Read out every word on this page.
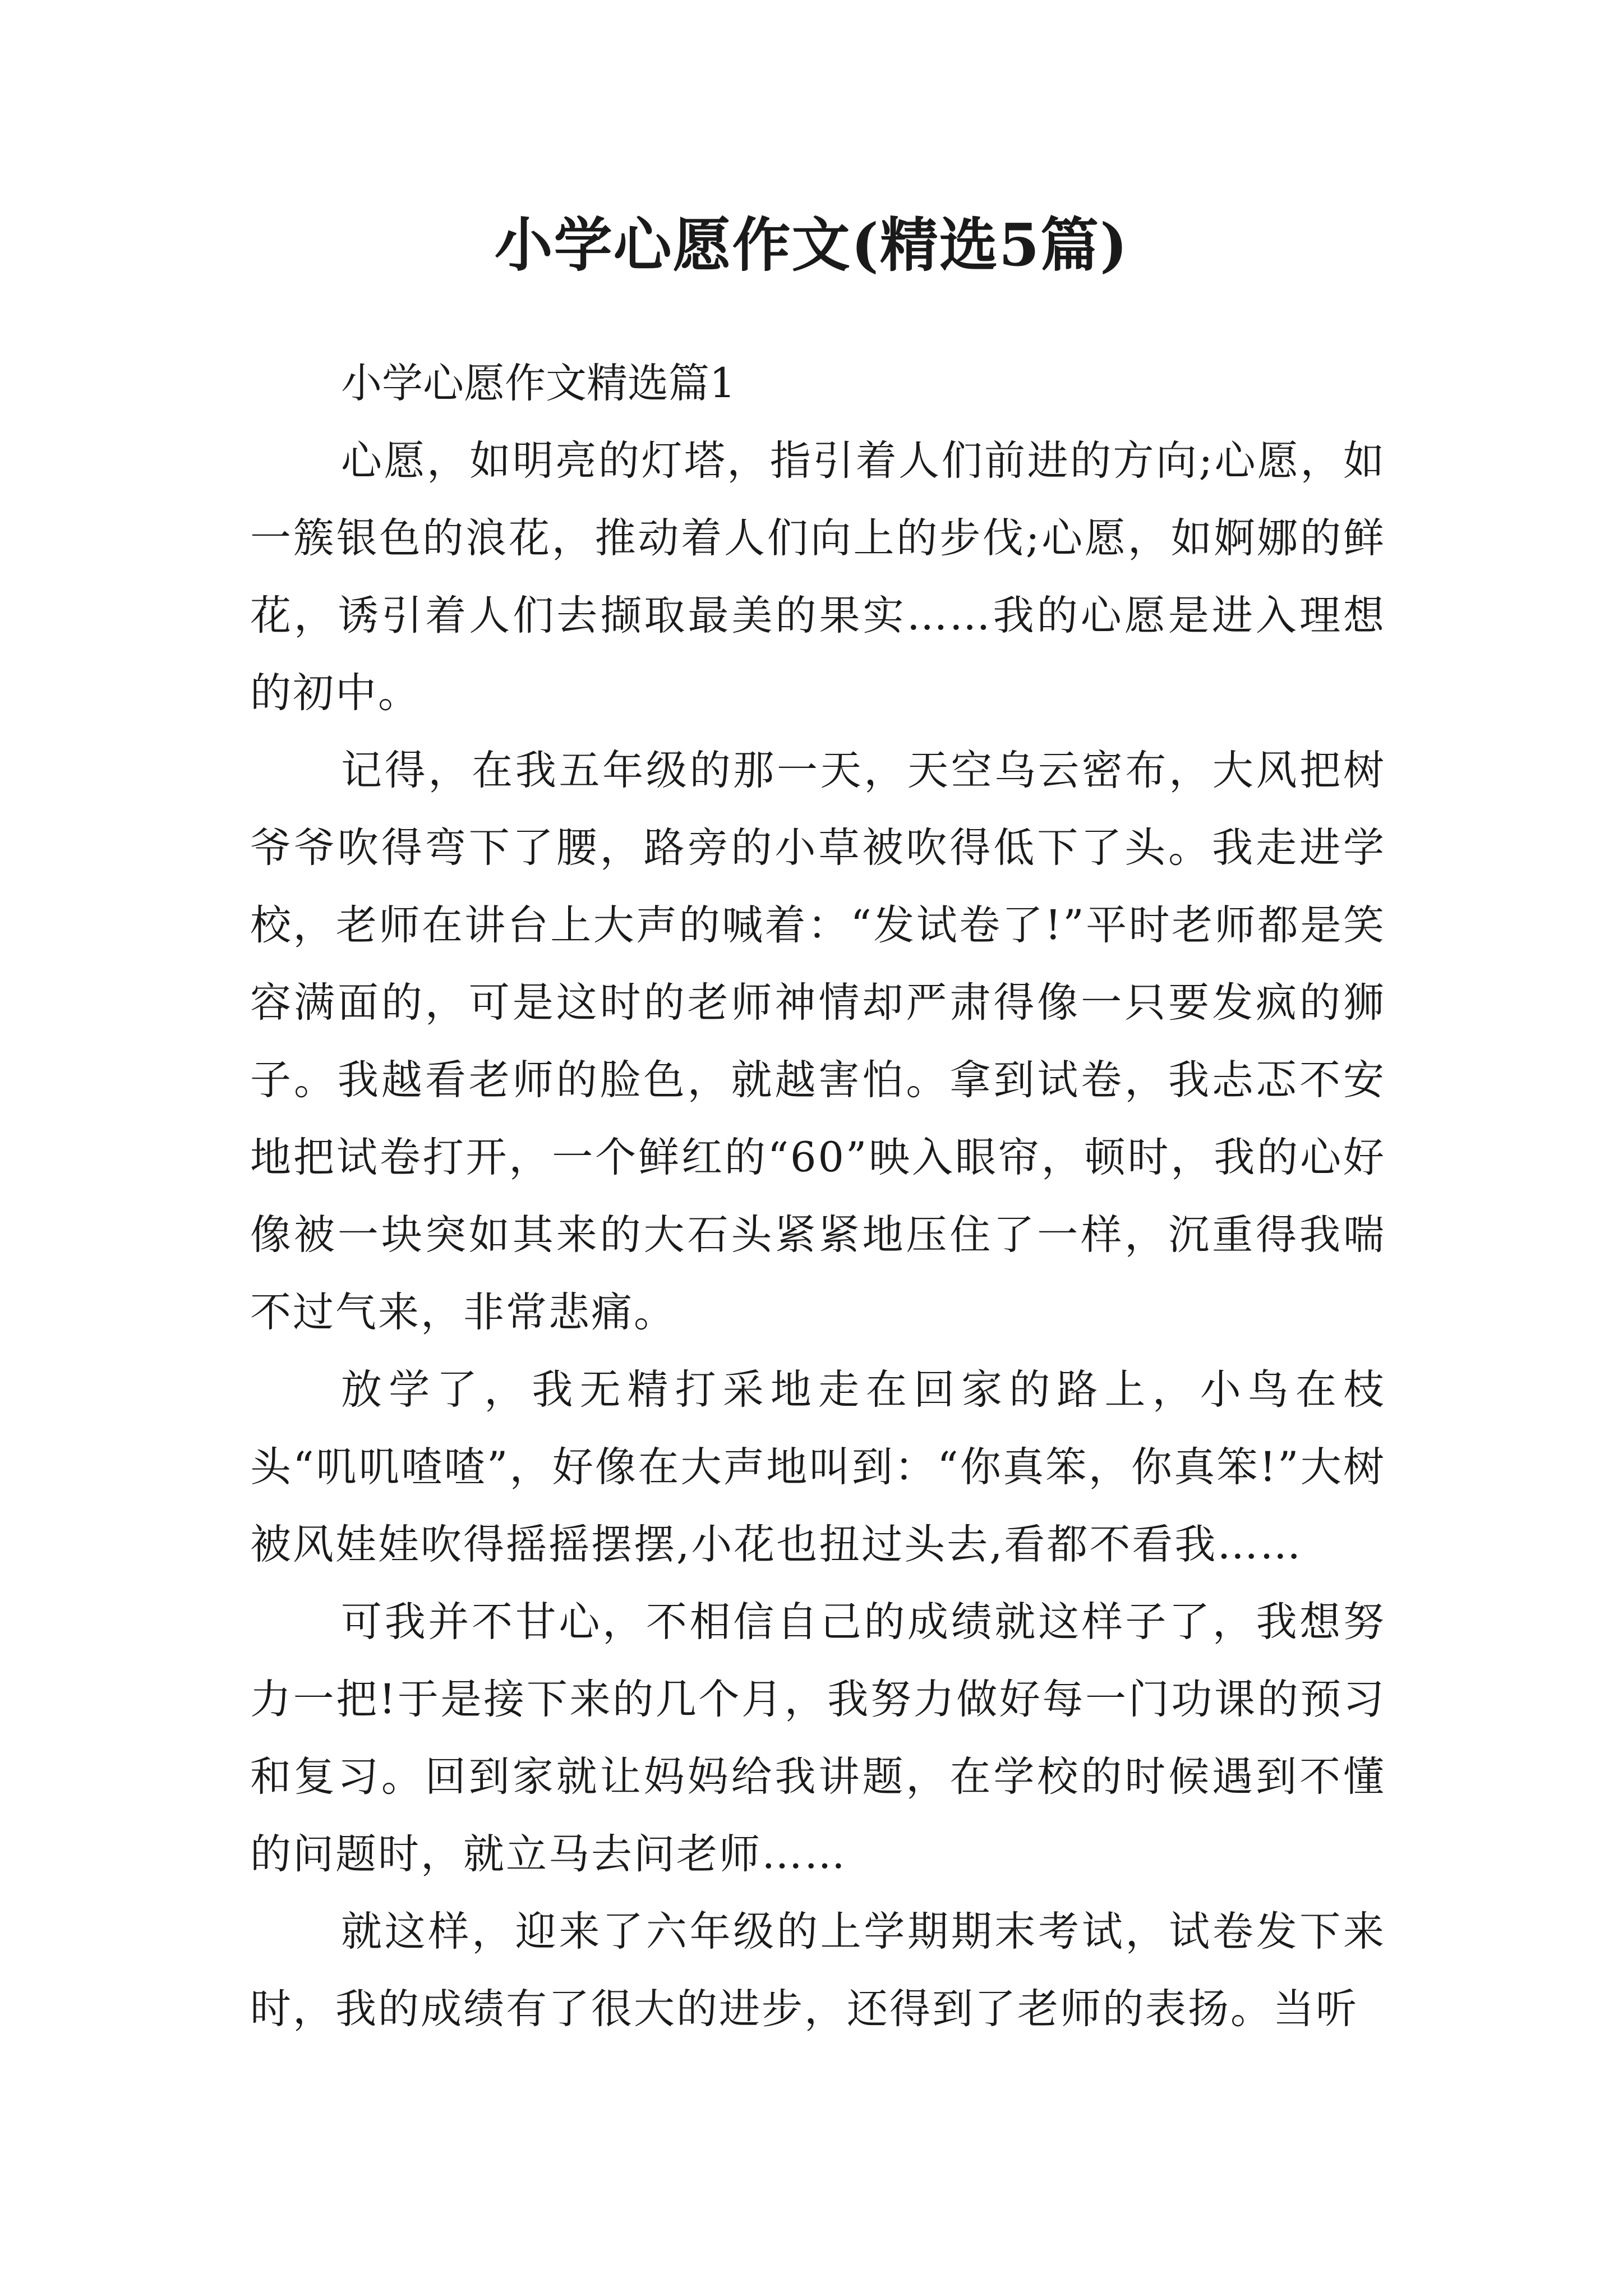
小学心愿作文(精选5篇)

小学心愿作文精选篇1

心愿，如明亮的灯塔，指引着人们前进的方向;心愿，如一簇银色的浪花，推动着人们向上的步伐;心愿，如婀娜的鲜花，诱引着人们去撷取最美的果实……我的心愿是进入理想的初中。

记得，在我五年级的那一天，天空乌云密布，大风把树爷爷吹得弯下了腰，路旁的小草被吹得低下了头。我走进学校，老师在讲台上大声的喊着：“发试卷了!”平时老师都是笑容满面的，可是这时的老师神情却严肃得像一只要发疯的狮子。我越看老师的脸色，就越害怕。拿到试卷，我忐忑不安地把试卷打开，一个鲜红的“60”映入眼帘，顿时，我的心好像被一块突如其来的大石头紧紧地压住了一样，沉重得我喘不过气来，非常悲痛。

放学了，我无精打采地走在回家的路上，小鸟在枝头“叽叽喳喳”，好像在大声地叫到：“你真笨，你真笨!”大树被风娃娃吹得摇摇摆摆,小花也扭过头去,看都不看我……

可我并不甘心，不相信自己的成绩就这样子了，我想努力一把!于是接下来的几个月，我努力做好每一门功课的预习和复习。回到家就让妈妈给我讲题，在学校的时候遇到不懂的问题时，就立马去问老师……

就这样，迎来了六年级的上学期期末考试，试卷发下来时，我的成绩有了很大的进步，还得到了老师的表扬。当听
